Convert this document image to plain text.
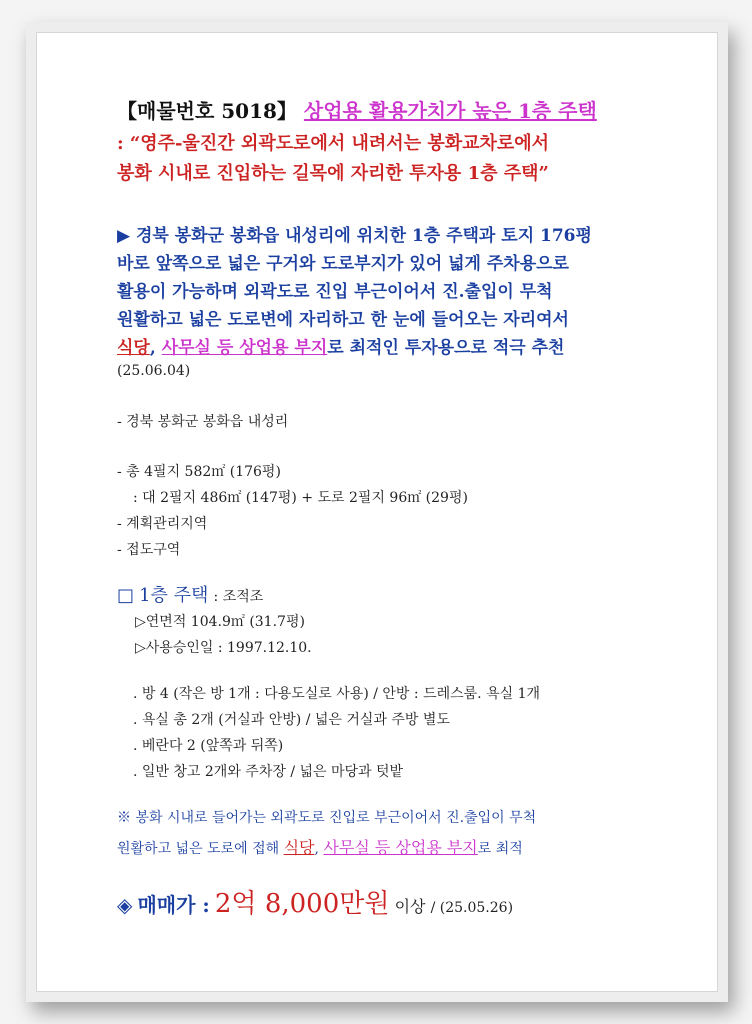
【매물번호 5018】 상업용 활용가치가 높은 1층 주택
: “영주-울진간 외곽도로에서 내려서는 봉화교차로에서
봉화 시내로 진입하는 길목에 자리한 투자용 1층 주택”
▶ 경북 봉화군 봉화읍 내성리에 위치한 1층 주택과 토지 176평
바로 앞쪽으로 넓은 구거와 도로부지가 있어 넓게 주차용으로
활용이 가능하며 외곽도로 진입 부근이어서 진.출입이 무척
원활하고 넓은 도로변에 자리하고 한 눈에 들어오는 자리여서
식당, 사무실 등 상업용 부지로 최적인 투자용으로 적극 추천
(25.06.04)
- 경북 봉화군 봉화읍 내성리
- 총 4필지 582㎡ (176평)
: 대 2필지 486㎡ (147평) + 도로 2필지 96㎡ (29평)
- 계획관리지역
- 접도구역
□ 1층 주택 : 조적조
▷연면적 104.9㎡ (31.7평)
▷사용승인일 : 1997.12.10.
. 방 4 (작은 방 1개 : 다용도실로 사용) / 안방 : 드레스룸. 욕실 1개
. 욕실 총 2개 (거실과 안방) / 넓은 거실과 주방 별도
. 베란다 2 (앞쪽과 뒤쪽)
. 일반 창고 2개와 주차장 / 넓은 마당과 텃밭
※ 봉화 시내로 들어가는 외곽도로 진입로 부근이어서 진.출입이 무척
원활하고 넓은 도로에 접해 식당, 사무실 등 상업용 부지로 최적
◈ 매매가 : 2억 8,000만원 이상 / (25.05.26)
